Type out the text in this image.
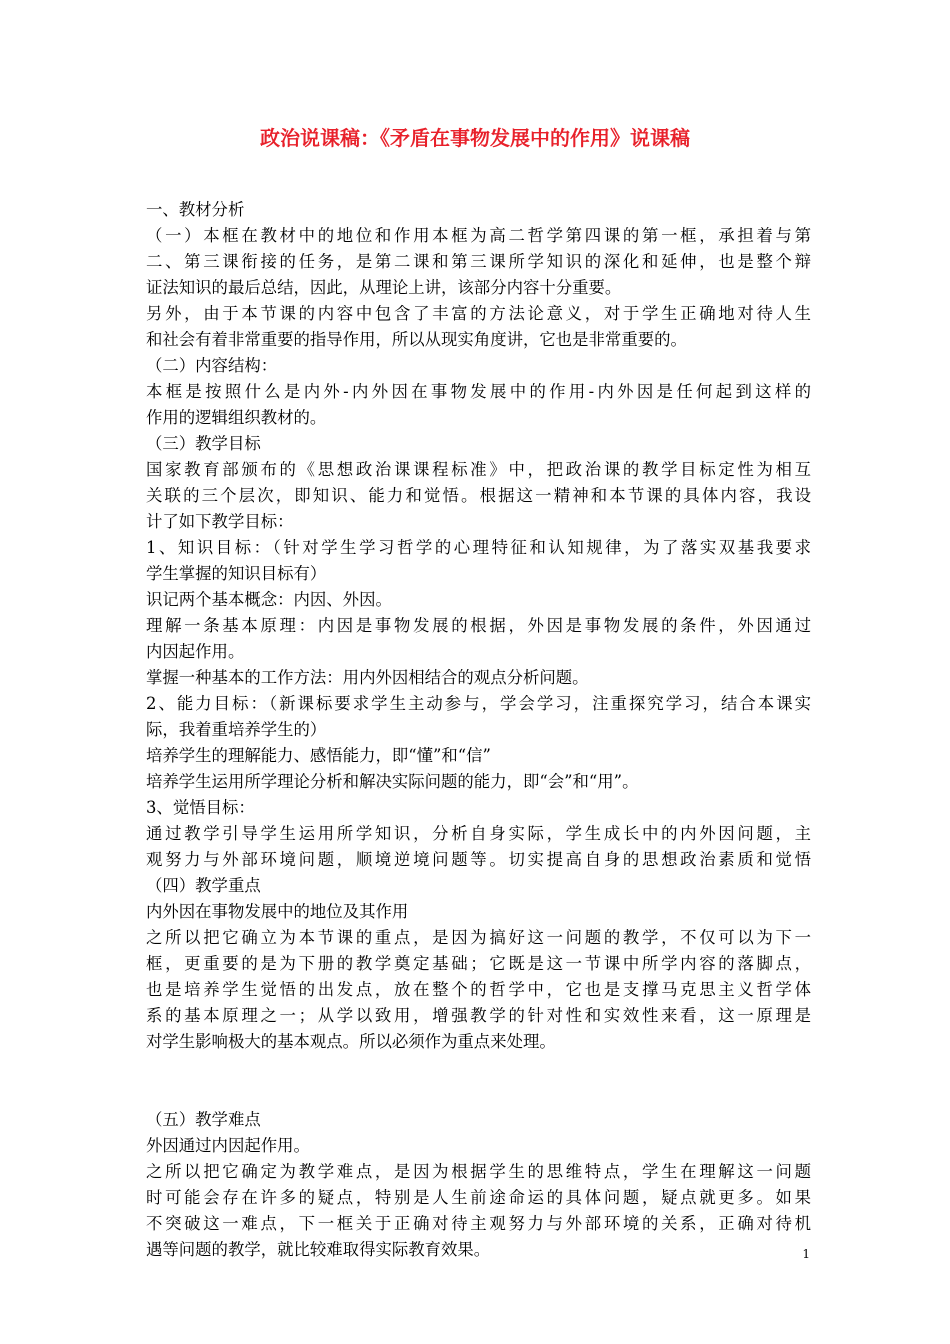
政治说课稿：《矛盾在事物发展中的作用》说课稿
一、教材分析
（一）本框在教材中的地位和作用本框为高二哲学第四课的第一框，承担着与第
二、第三课衔接的任务，是第二课和第三课所学知识的深化和延伸，也是整个辩
证法知识的最后总结，因此，从理论上讲，该部分内容十分重要。
另外，由于本节课的内容中包含了丰富的方法论意义，对于学生正确地对待人生
和社会有着非常重要的指导作用，所以从现实角度讲，它也是非常重要的。
（二）内容结构：
本框是按照什么是内外-内外因在事物发展中的作用-内外因是任何起到这样的
作用的逻辑组织教材的。
（三）教学目标
国家教育部颁布的《思想政治课课程标准》中，把政治课的教学目标定性为相互
关联的三个层次，即知识、能力和觉悟。根据这一精神和本节课的具体内容，我设
计了如下教学目标：
1、知识目标：（针对学生学习哲学的心理特征和认知规律，为了落实双基我要求
学生掌握的知识目标有）
识记两个基本概念：内因、外因。
理解一条基本原理：内因是事物发展的根据，外因是事物发展的条件，外因通过
内因起作用。
掌握一种基本的工作方法：用内外因相结合的观点分析问题。
2、能力目标：（新课标要求学生主动参与，学会学习，注重探究学习，结合本课实
际，我着重培养学生的）
培养学生的理解能力、感悟能力，即“懂”和“信”
培养学生运用所学理论分析和解决实际问题的能力，即“会”和“用”。
3、觉悟目标：
通过教学引导学生运用所学知识，分析自身实际，学生成长中的内外因问题，主
观努力与外部环境问题，顺境逆境问题等。切实提高自身的思想政治素质和觉悟
（四）教学重点
内外因在事物发展中的地位及其作用
之所以把它确立为本节课的重点，是因为搞好这一问题的教学，不仅可以为下一
框，更重要的是为下册的教学奠定基础；它既是这一节课中所学内容的落脚点，
也是培养学生觉悟的出发点，放在整个的哲学中，它也是支撑马克思主义哲学体
系的基本原理之一；从学以致用，增强教学的针对性和实效性来看，这一原理是
对学生影响极大的基本观点。所以必须作为重点来处理。
（五）教学难点
外因通过内因起作用。
之所以把它确定为教学难点，是因为根据学生的思维特点，学生在理解这一问题
时可能会存在许多的疑点，特别是人生前途命运的具体问题，疑点就更多。如果
不突破这一难点，下一框关于正确对待主观努力与外部环境的关系，正确对待机
遇等问题的教学，就比较难取得实际教育效果。	1
